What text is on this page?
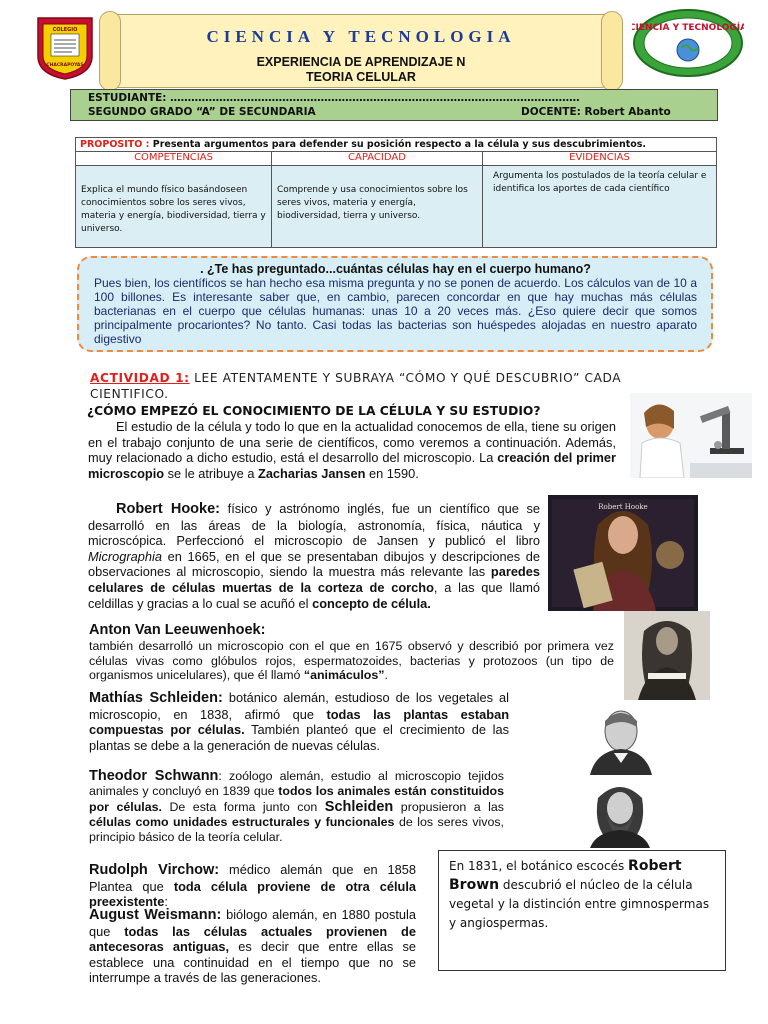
COLEGIO
CHACRAPOYAS
CIENCIA Y TECNOLOGIA
EXPERIENCIA DE APRENDIZAJE N
TEORIA CELULAR
CIENCIA Y TECNOLOGÍA
ESTUDIANTE: ………………………………………………………………………………………………………
SEGUNDO GRADO “A” DE SECUNDARIA	DOCENTE: Robert Abanto
PROPOSITO : Presenta argumentos para defender su posición respecto a la célula y sus descubrimientos.		
COMPETENCIAS	CAPACIDAD	EVIDENCIAS
Explica el mundo físico basándoseen conocimientos sobre los seres vivos, materia y energía, biodiversidad, tierra y universo.	Comprende y usa conocimientos sobre los seres vivos, materia y energía, biodiversidad, tierra y universo.	Argumenta los postulados de la teoría celular e identifica los aportes de cada científico
. ¿Te has preguntado...cuántas células hay en el cuerpo humano?
Pues bien, los científicos se han hecho esa misma pregunta y no se ponen de acuerdo. Los cálculos van de 10 a 100 billones. Es interesante saber que, en cambio, parecen concordar en que hay muchas más células bacterianas en el cuerpo que células humanas: unas 10 a 20 veces más. ¿Eso quiere decir que somos principalmente procariontes? No tanto. Casi todas las bacterias son huéspedes alojadas en nuestro aparato digestivo
ACTIVIDAD 1: LEE ATENTAMENTE Y SUBRAYA “CÓMO Y QUÉ DESCUBRIO” CADA CIENTIFICO.
¿CÓMO EMPEZÓ EL CONOCIMIENTO DE LA CÉLULA Y SU ESTUDIO?
El estudio de la célula y todo lo que en la actualidad conocemos de ella, tiene su origen en el trabajo conjunto de una serie de científicos, como veremos a continuación. Además, muy relacionado a dicho estudio, está el desarrollo del microscopio. La creación del primer microscopio se le atribuye a Zacharias Jansen en 1590.
Robert Hooke: físico y astrónomo inglés, fue un científico que se desarrolló en las áreas de la biología, astronomía, física, náutica y microscópica. Perfeccionó el microscopio de Jansen y publicó el libro Micrographia en 1665, en el que se presentaban dibujos y descripciones de observaciones al microscopio, siendo la muestra más relevante las paredes celulares de células muertas de la corteza de corcho, a las que llamó celdillas y gracias a lo cual se acuñó el concepto de célula.
Robert Hooke
Anton Van Leeuwenhoek:
también desarrolló un microscopio con el que en 1675 observó y describió por primera vez células vivas como glóbulos rojos, espermatozoides, bacterias y protozoos (un tipo de organismos unicelulares), que él llamó “animáculos”.
Mathías Schleiden: botánico alemán, estudioso de los vegetales al microscopio, en 1838, afirmó que todas las plantas estaban compuestas por células. También planteó que el crecimiento de las plantas se debe a la generación de nuevas células.
Theodor Schwann: zoólogo alemán, estudio al microscopio tejidos animales y concluyó en 1839 que todos los animales están constituidos por células. De esta forma junto con Schleiden propusieron a las células como unidades estructurales y funcionales de los seres vivos, principio básico de la teoría celular.
Rudolph Virchow: médico alemán que en 1858 Plantea que toda célula proviene de otra célula preexistente:
August Weismann: biólogo alemán, en 1880 postula que todas las células actuales provienen de antecesoras antiguas, es decir que entre ellas se establece una continuidad en el tiempo que no se interrumpe a través de las generaciones.
En 1831, el botánico escocés Robert Brown descubrió el núcleo de la célula vegetal y la distinción entre gimnospermas y angiospermas.
